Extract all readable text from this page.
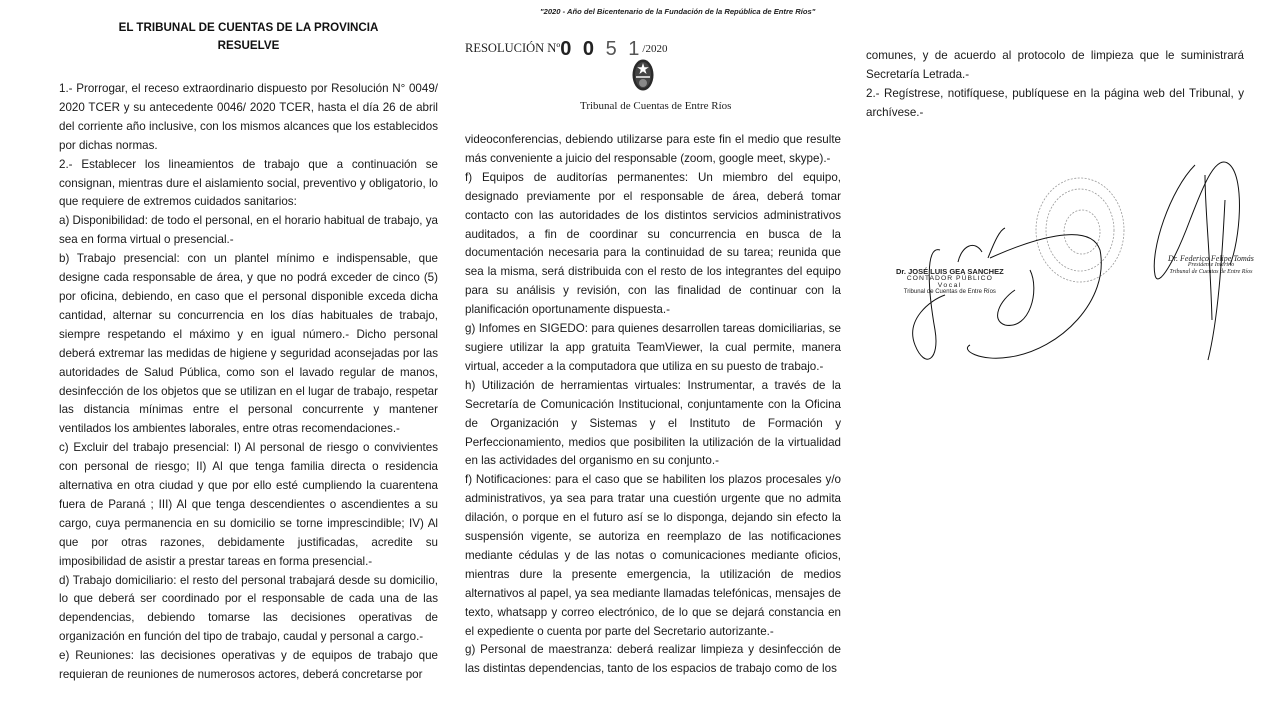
"2020 - Año del Bicentenario de la Fundación de la República de Entre Ríos"
RESOLUCIÓN Nº0 0 5 1/2020
Tribunal de Cuentas de Entre Ríos
EL TRIBUNAL DE CUENTAS DE LA PROVINCIA
RESUELVE

1.- Prorrogar, el receso extraordinario dispuesto por Resolución N° 0049/ 2020 TCER y su antecedente 0046/ 2020 TCER, hasta el día 26 de abril del corriente año inclusive, con los mismos alcances que los establecidos por dichas normas.

2.- Establecer los lineamientos de trabajo que a continuación se consignan, mientras dure el aislamiento social, preventivo y obligatorio, lo que requiere de extremos cuidados sanitarios:

a) Disponibilidad: de todo el personal, en el horario habitual de trabajo, ya sea en forma virtual o presencial.-

b) Trabajo presencial: con un plantel mínimo e indispensable, que designe cada responsable de área, y que no podrá exceder de cinco (5) por oficina, debiendo, en caso que el personal disponible exceda dicha cantidad, alternar su concurrencia en los días habituales de trabajo, siempre respetando el máximo y en igual número.- Dicho personal deberá extremar las medidas de higiene y seguridad aconsejadas por las autoridades de Salud Pública, como son el lavado regular de manos, desinfección de los objetos que se utilizan en el lugar de trabajo, respetar las distancia mínimas entre el personal concurrente y mantener ventilados los ambientes laborales, entre otras recomendaciones.-

c) Excluir del trabajo presencial: I) Al personal de riesgo o convivientes con personal de riesgo; II) Al que tenga familia directa o residencia alternativa en otra ciudad y que por ello esté cumpliendo la cuarentena fuera de Paraná ; III) Al que tenga descendientes o ascendientes a su cargo, cuya permanencia en su domicilio se torne imprescindible; IV) Al que por otras razones, debidamente justificadas, acredite su imposibilidad de asistir a prestar tareas en forma presencial.-

d) Trabajo domiciliario: el resto del personal trabajará desde su domicilio, lo que deberá ser coordinado por el responsable de cada una de las dependencias, debiendo tomarse las decisiones operativas de organización en función del tipo de trabajo, caudal y personal a cargo.-

e) Reuniones: las decisiones operativas y de equipos de trabajo que requieran de reuniones de numerosos actores, deberá concretarse por

videoconferencias, debiendo utilizarse para este fin el medio que resulte más conveniente a juicio del responsable (zoom, google meet, skype).-

f) Equipos de auditorías permanentes: Un miembro del equipo, designado previamente por el responsable de área, deberá tomar contacto con las autoridades de los distintos servicios administrativos auditados, a fin de coordinar su concurrencia en busca de la documentación necesaria para la continuidad de su tarea; reunida que sea la misma, será distribuida con el resto de los integrantes del equipo para su análisis y revisión, con las finalidad de continuar con la planificación oportunamente dispuesta.-

g) Infomes en SIGEDO: para quienes desarrollen tareas domiciliarias, se sugiere utilizar la app gratuita TeamViewer, la cual permite, manera virtual, acceder a la computadora que utiliza en su puesto de trabajo.-

h) Utilización de herramientas virtuales: Instrumentar, a través de la Secretaría de Comunicación Institucional, conjuntamente con la Oficina de Organización y Sistemas y el Instituto de Formación y Perfeccionamiento, medios que posibiliten la utilización de la virtualidad en las actividades del organismo en su conjunto.-

f) Notificaciones: para el caso que se habiliten los plazos procesales y/o administrativos, ya sea para tratar una cuestión urgente que no admita dilación, o porque en el futuro así se lo disponga, dejando sin efecto la suspensión vigente, se autoriza en reemplazo de las notificaciones mediante cédulas y de las notas o comunicaciones mediante oficios, mientras dure la presente emergencia, la utilización de medios alternativos al papel, ya sea mediante llamadas telefónicas, mensajes de texto, whatsapp y correo electrónico, de lo que se dejará constancia en el expediente o cuenta por parte del Secretario autorizante.-

g) Personal de maestranza: deberá realizar limpieza y desinfección de las distintas dependencias, tanto de los espacios de trabajo como de los

comunes, y de acuerdo al protocolo de limpieza que le suministrará Secretaría Letrada.-

2.- Regístrese, notifíquese, publíquese en la página web del Tribunal, y archívese.-

Dr. JOSÉ LUIS GEA SANCHEZ
CONTADOR PÚBLICO
Vocal
Tribunal de Cuentas de Entre Ríos
Dr. Federico Felipe Tomás
Presidente Interino
Tribunal de Cuentas de Entre Ríos
